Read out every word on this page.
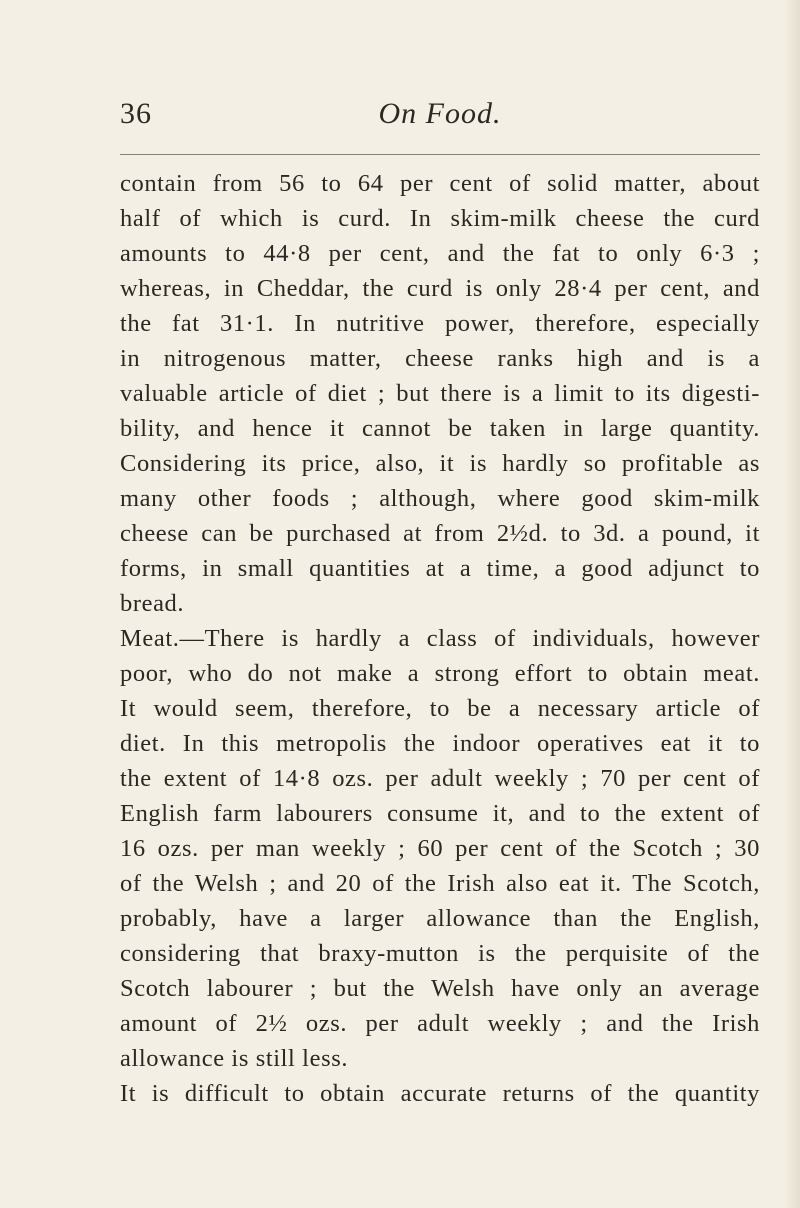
36	On Food.
contain from 56 to 64 per cent of solid matter, about
half of which is curd. In skim-milk cheese the curd
amounts to 44·8 per cent, and the fat to only 6·3 ;
whereas, in Cheddar, the curd is only 28·4 per cent, and
the fat 31·1. In nutritive power, therefore, especially
in nitrogenous matter, cheese ranks high and is a
valuable article of diet ; but there is a limit to its digesti-
bility, and hence it cannot be taken in large quantity.
Considering its price, also, it is hardly so profitable as
many other foods ; although, where good skim-milk
cheese can be purchased at from 2½d. to 3d. a pound, it
forms, in small quantities at a time, a good adjunct to
bread.
Meat.—There is hardly a class of individuals, however
poor, who do not make a strong effort to obtain meat.
It would seem, therefore, to be a necessary article of
diet. In this metropolis the indoor operatives eat it to
the extent of 14·8 ozs. per adult weekly ; 70 per cent of
English farm labourers consume it, and to the extent of
16 ozs. per man weekly ; 60 per cent of the Scotch ; 30
of the Welsh ; and 20 of the Irish also eat it. The Scotch,
probably, have a larger allowance than the English,
considering that braxy-mutton is the perquisite of the
Scotch labourer ; but the Welsh have only an average
amount of 2½ ozs. per adult weekly ; and the Irish
allowance is still less.
It is difficult to obtain accurate returns of the quantity
